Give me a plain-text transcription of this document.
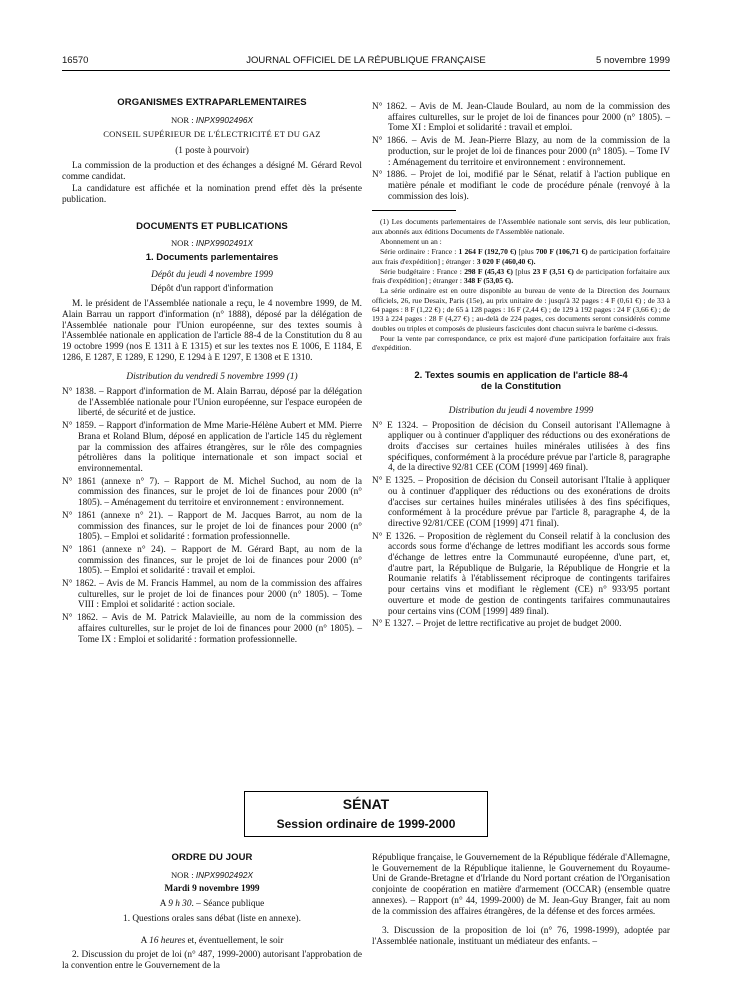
16570	JOURNAL OFFICIEL DE LA RÉPUBLIQUE FRANÇAISE	5 novembre 1999
ORGANISMES EXTRAPARLEMENTAIRES
NOR : INPX9902496X
CONSEIL SUPÉRIEUR DE L'ÉLECTRICITÉ ET DU GAZ
(1 poste à pourvoir)
La commission de la production et des échanges a désigné M. Gérard Revol comme candidat.
La candidature est affichée et la nomination prend effet dès la présente publication.
DOCUMENTS ET PUBLICATIONS
NOR : INPX9902491X
1. Documents parlementaires
Dépôt du jeudi 4 novembre 1999
Dépôt d'un rapport d'information
M. le président de l'Assemblée nationale a reçu, le 4 novembre 1999, de M. Alain Barrau un rapport d'information (n° 1888), déposé par la délégation de l'Assemblée nationale pour l'Union européenne, sur des textes soumis à l'Assemblée nationale en application de l'article 88-4 de la Constitution du 8 au 19 octobre 1999 (nos E 1311 à E 1315) et sur les textes nos E 1006, E 1184, E 1286, E 1287, E 1289, E 1290, E 1294 à E 1297, E 1308 et E 1310.
Distribution du vendredi 5 novembre 1999 (1)
N° 1838. – Rapport d'information de M. Alain Barrau, déposé par la délégation de l'Assemblée nationale pour l'Union européenne, sur l'espace européen de liberté, de sécurité et de justice.
N° 1859. – Rapport d'information de Mme Marie-Hélène Aubert et MM. Pierre Brana et Roland Blum, déposé en application de l'article 145 du règlement par la commission des affaires étrangères, sur le rôle des compagnies pétrolières dans la politique internationale et son impact social et environnemental.
N° 1861 (annexe n° 7). – Rapport de M. Michel Suchod, au nom de la commission des finances, sur le projet de loi de finances pour 2000 (n° 1805). – Aménagement du territoire et environnement : environnement.
N° 1861 (annexe n° 21). – Rapport de M. Jacques Barrot, au nom de la commission des finances, sur le projet de loi de finances pour 2000 (n° 1805). – Emploi et solidarité : formation professionnelle.
N° 1861 (annexe n° 24). – Rapport de M. Gérard Bapt, au nom de la commission des finances, sur le projet de loi de finances pour 2000 (n° 1805). – Emploi et solidarité : travail et emploi.
N° 1862. – Avis de M. Francis Hammel, au nom de la commission des affaires culturelles, sur le projet de loi de finances pour 2000 (n° 1805). – Tome VIII : Emploi et solidarité : action sociale.
N° 1862. – Avis de M. Patrick Malavieille, au nom de la commission des affaires culturelles, sur le projet de loi de finances pour 2000 (n° 1805). – Tome IX : Emploi et solidarité : formation professionnelle.
N° 1862. – Avis de M. Jean-Claude Boulard, au nom de la commission des affaires culturelles, sur le projet de loi de finances pour 2000 (n° 1805). – Tome XI : Emploi et solidarité : travail et emploi.
N° 1866. – Avis de M. Jean-Pierre Blazy, au nom de la commission de la production, sur le projet de loi de finances pour 2000 (n° 1805). – Tome IV : Aménagement du territoire et environnement : environnement.
N° 1886. – Projet de loi, modifié par le Sénat, relatif à l'action publique en matière pénale et modifiant le code de procédure pénale (renvoyé à la commission des lois).
(1) Les documents parlementaires de l'Assemblée nationale sont servis, dès leur publication, aux abonnés aux éditions Documents de l'Assemblée nationale.
Abonnement un an :
Série ordinaire : France : 1 264 F (192,70 €) [plus 700 F (106,71 €) de participation forfaitaire aux frais d'expédition] ; étranger : 3 020 F (460,40 €).
Série budgétaire : France : 298 F (45,43 €) [plus 23 F (3,51 €) de participation forfaitaire aux frais d'expédition] ; étranger : 348 F (53,05 €).
La série ordinaire est en outre disponible au bureau de vente de la Direction des Journaux officiels, 26, rue Desaix, Paris (15e), au prix unitaire de : jusqu'à 32 pages : 4 F (0,61 €) ; de 33 à 64 pages : 8 F (1,22 €) ; de 65 à 128 pages : 16 F (2,44 €) ; de 129 à 192 pages : 24 F (3,66 €) ; de 193 à 224 pages : 28 F (4,27 €) ; au-delà de 224 pages, ces documents seront considérés comme doubles ou triples et composés de plusieurs fascicules dont chacun suivra le barème ci-dessus.
Pour la vente par correspondance, ce prix est majoré d'une participation forfaitaire aux frais d'expédition.
2. Textes soumis en application de l'article 88-4
de la Constitution
Distribution du jeudi 4 novembre 1999
N° E 1324. – Proposition de décision du Conseil autorisant l'Allemagne à appliquer ou à continuer d'appliquer des réductions ou des exonérations de droits d'accises sur certaines huiles minérales utilisées à des fins spécifiques, conformément à la procédure prévue par l'article 8, paragraphe 4, de la directive 92/81 CEE (COM [1999] 469 final).
N° E 1325. – Proposition de décision du Conseil autorisant l'Italie à appliquer ou à continuer d'appliquer des réductions ou des exonérations de droits d'accises sur certaines huiles minérales utilisées à des fins spécifiques, conformément à la procédure prévue par l'article 8, paragraphe 4, de la directive 92/81/CEE (COM [1999] 471 final).
N° E 1326. – Proposition de règlement du Conseil relatif à la conclusion des accords sous forme d'échange de lettres modifiant les accords sous forme d'échange de lettres entre la Communauté européenne, d'une part, et, d'autre part, la République de Bulgarie, la République de Hongrie et la Roumanie relatifs à l'établissement réciproque de contingents tarifaires pour certains vins et modifiant le règlement (CE) n° 933/95 portant ouverture et mode de gestion de contingents tarifaires communautaires pour certains vins (COM [1999] 489 final).
N° E 1327. – Projet de lettre rectificative au projet de budget 2000.
SÉNAT
Session ordinaire de 1999-2000
ORDRE DU JOUR
NOR : INPX9902492X
Mardi 9 novembre 1999
A 9 h 30. – Séance publique
1. Questions orales sans débat (liste en annexe).
A 16 heures et, éventuellement, le soir
2. Discussion du projet de loi (n° 487, 1999-2000) autorisant l'approbation de la convention entre le Gouvernement de la
République française, le Gouvernement de la République fédérale d'Allemagne, le Gouvernement de la République italienne, le Gouvernement du Royaume-Uni de Grande-Bretagne et d'Irlande du Nord portant création de l'Organisation conjointe de coopération en matière d'armement (OCCAR) (ensemble quatre annexes). – Rapport (n° 44, 1999-2000) de M. Jean-Guy Branger, fait au nom de la commission des affaires étrangères, de la défense et des forces armées.
3. Discussion de la proposition de loi (n° 76, 1998-1999), adoptée par l'Assemblée nationale, instituant un médiateur des enfants. –
